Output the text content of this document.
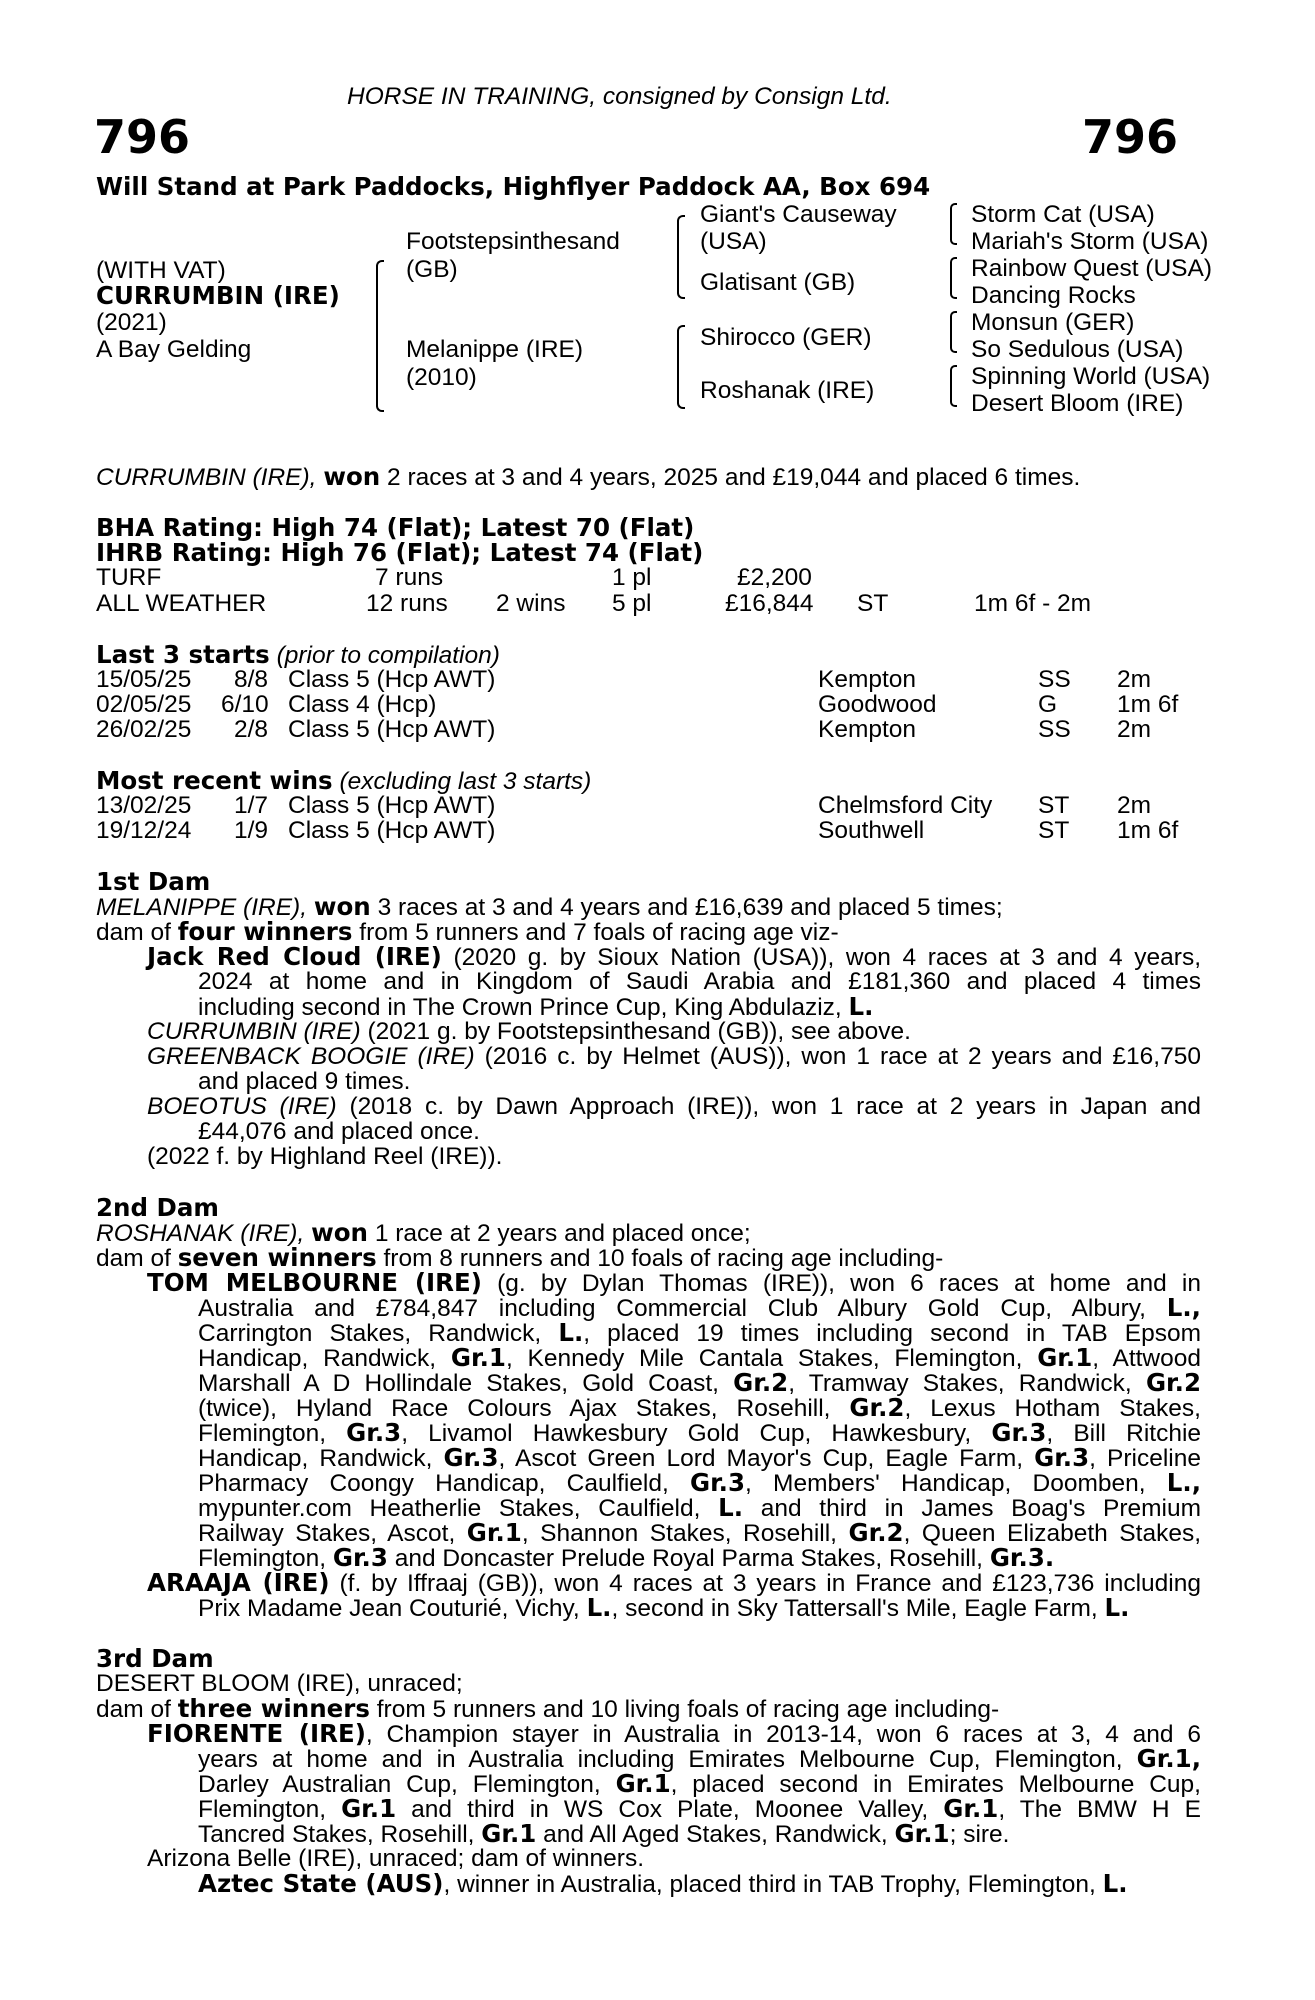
HORSE IN TRAINING, consigned by Consign Ltd.
796	796
Will Stand at Park Paddocks, Highflyer Paddock AA, Box 694
(WITH VAT)
CURRUMBIN (IRE)
(2021)
A Bay Gelding
Footstepsinthesand
(GB)
Melanippe (IRE)
(2010)
Giant's Causeway
(USA)
Glatisant (GB)
Shirocco (GER)
Roshanak (IRE)
Storm Cat (USA)
Mariah's Storm (USA)
Rainbow Quest (USA)
Dancing Rocks
Monsun (GER)
So Sedulous (USA)
Spinning World (USA)
Desert Bloom (IRE)
CURRUMBIN (IRE), won 2 races at 3 and 4 years, 2025 and £19,044 and placed 6 times.
BHA Rating: High 74 (Flat); Latest 70 (Flat)
IHRB Rating: High 76 (Flat); Latest 74 (Flat)
TURF	7 runs	1 pl	£2,200
ALL WEATHER	12 runs 2 wins 5 pl	£16,844 ST	1m 6f - 2m
Last 3 starts (prior to compilation)
15/05/25 8/8 Class 5 (Hcp AWT)	Kempton	SS 2m
02/05/25 6/10 Class 4 (Hcp)	Goodwood	G 1m 6f
26/02/25 2/8 Class 5 (Hcp AWT)	Kempton	SS 2m
Most recent wins (excluding last 3 starts)
13/02/25 1/7 Class 5 (Hcp AWT)	Chelmsford City ST 2m
19/12/24 1/9 Class 5 (Hcp AWT)	Southwell	ST 1m 6f
1st Dam
MELANIPPE (IRE), won 3 races at 3 and 4 years and £16,639 and placed 5 times;
dam of four winners from 5 runners and 7 foals of racing age viz-
Jack Red Cloud (IRE) (2020 g. by Sioux Nation (USA)), won 4 races at 3 and 4 years,
2024 at home and in Kingdom of Saudi Arabia and £181,360 and placed 4 times
including second in The Crown Prince Cup, King Abdulaziz, L.
CURRUMBIN (IRE) (2021 g. by Footstepsinthesand (GB)), see above.
GREENBACK BOOGIE (IRE) (2016 c. by Helmet (AUS)), won 1 race at 2 years and £16,750
and placed 9 times.
BOEOTUS (IRE) (2018 c. by Dawn Approach (IRE)), won 1 race at 2 years in Japan and
£44,076 and placed once.
(2022 f. by Highland Reel (IRE)).
2nd Dam
ROSHANAK (IRE), won 1 race at 2 years and placed once;
dam of seven winners from 8 runners and 10 foals of racing age including-
TOM MELBOURNE (IRE) (g. by Dylan Thomas (IRE)), won 6 races at home and in
Australia and £784,847 including Commercial Club Albury Gold Cup, Albury, L.,
Carrington Stakes, Randwick, L., placed 19 times including second in TAB Epsom
Handicap, Randwick, Gr.1, Kennedy Mile Cantala Stakes, Flemington, Gr.1, Attwood
Marshall A D Hollindale Stakes, Gold Coast, Gr.2, Tramway Stakes, Randwick, Gr.2
(twice), Hyland Race Colours Ajax Stakes, Rosehill, Gr.2, Lexus Hotham Stakes,
Flemington, Gr.3, Livamol Hawkesbury Gold Cup, Hawkesbury, Gr.3, Bill Ritchie
Handicap, Randwick, Gr.3, Ascot Green Lord Mayor's Cup, Eagle Farm, Gr.3, Priceline
Pharmacy Coongy Handicap, Caulfield, Gr.3, Members' Handicap, Doomben, L.,
mypunter.com Heatherlie Stakes, Caulfield, L. and third in James Boag's Premium
Railway Stakes, Ascot, Gr.1, Shannon Stakes, Rosehill, Gr.2, Queen Elizabeth Stakes,
Flemington, Gr.3 and Doncaster Prelude Royal Parma Stakes, Rosehill, Gr.3.
ARAAJA (IRE) (f. by Iffraaj (GB)), won 4 races at 3 years in France and £123,736 including
Prix Madame Jean Couturié, Vichy, L., second in Sky Tattersall's Mile, Eagle Farm, L.
3rd Dam
DESERT BLOOM (IRE), unraced;
dam of three winners from 5 runners and 10 living foals of racing age including-
FIORENTE (IRE), Champion stayer in Australia in 2013-14, won 6 races at 3, 4 and 6
years at home and in Australia including Emirates Melbourne Cup, Flemington, Gr.1,
Darley Australian Cup, Flemington, Gr.1, placed second in Emirates Melbourne Cup,
Flemington, Gr.1 and third in WS Cox Plate, Moonee Valley, Gr.1, The BMW H E
Tancred Stakes, Rosehill, Gr.1 and All Aged Stakes, Randwick, Gr.1; sire.
Arizona Belle (IRE), unraced; dam of winners.
Aztec State (AUS), winner in Australia, placed third in TAB Trophy, Flemington, L.
